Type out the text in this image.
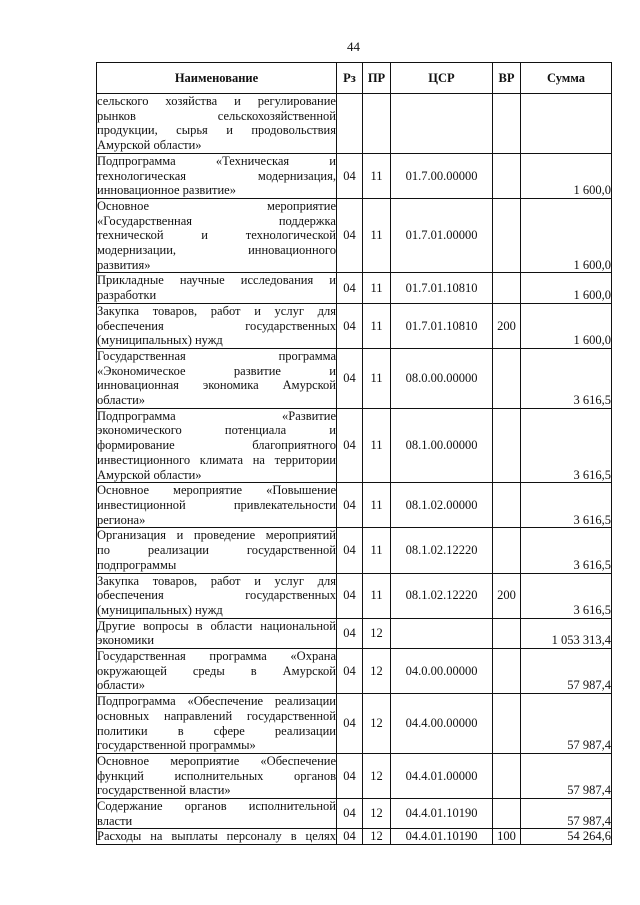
44
Наименование	Рз	ПР	ЦСР	ВР	Сумма

сельского хозяйства и регулирование
рынков сельскохозяйственной
продукции, сырья и продовольствия
Амурской области»					

Подпрограмма «Техническая и
технологическая модернизация,
инновационное развитие»	04	11	01.7.00.00000		1 600,0

Основное мероприятие
«Государственная поддержка
технической и технологической
модернизации, инновационного
развития»	04	11	01.7.01.00000		1 600,0

Прикладные научные исследования и
разработки	04	11	01.7.01.10810		1 600,0

Закупка товаров, работ и услуг для
обеспечения государственных
(муниципальных) нужд	04	11	01.7.01.10810	200	1 600,0

Государственная программа
«Экономическое развитие и
инновационная экономика Амурской
области»	04	11	08.0.00.00000		3 616,5

Подпрограмма «Развитие
экономического потенциала и
формирование благоприятного
инвестиционного климата на территории
Амурской области»	04	11	08.1.00.00000		3 616,5

Основное мероприятие «Повышение
инвестиционной привлекательности
региона»	04	11	08.1.02.00000		3 616,5

Организация и проведение мероприятий
по реализации государственной
подпрограммы	04	11	08.1.02.12220		3 616,5

Закупка товаров, работ и услуг для
обеспечения государственных
(муниципальных) нужд	04	11	08.1.02.12220	200	3 616,5

Другие вопросы в области национальной
экономики	04	12			1 053 313,4

Государственная программа «Охрана
окружающей среды в Амурской
области»	04	12	04.0.00.00000		57 987,4

Подпрограмма «Обеспечение реализации
основных направлений государственной
политики в сфере реализации
государственной программы»	04	12	04.4.00.00000		57 987,4

Основное мероприятие «Обеспечение
функций исполнительных органов
государственной власти»	04	12	04.4.01.00000		57 987,4

Содержание органов исполнительной
власти	04	12	04.4.01.10190		57 987,4

Расходы на выплаты персоналу в целях	04	12	04.4.01.10190	100	54 264,6
